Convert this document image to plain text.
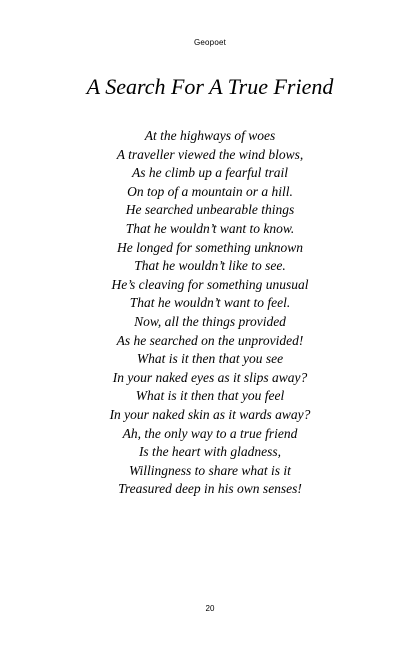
Geopoet
A Search For A True Friend
At the highways of woes
A traveller viewed the wind blows,
As he climb up a fearful trail
On top of a mountain or a hill.
He searched unbearable things
That he wouldn’t want to know.
He longed for something unknown
That he wouldn’t like to see.
He’s cleaving for something unusual
That he wouldn’t want to feel.
Now, all the things provided
As he searched on the unprovided!
What is it then that you see
In your naked eyes as it slips away?
What is it then that you feel
In your naked skin as it wards away?
Ah, the only way to a true friend
Is the heart with gladness,
Willingness to share what is it
Treasured deep in his own senses!
20
